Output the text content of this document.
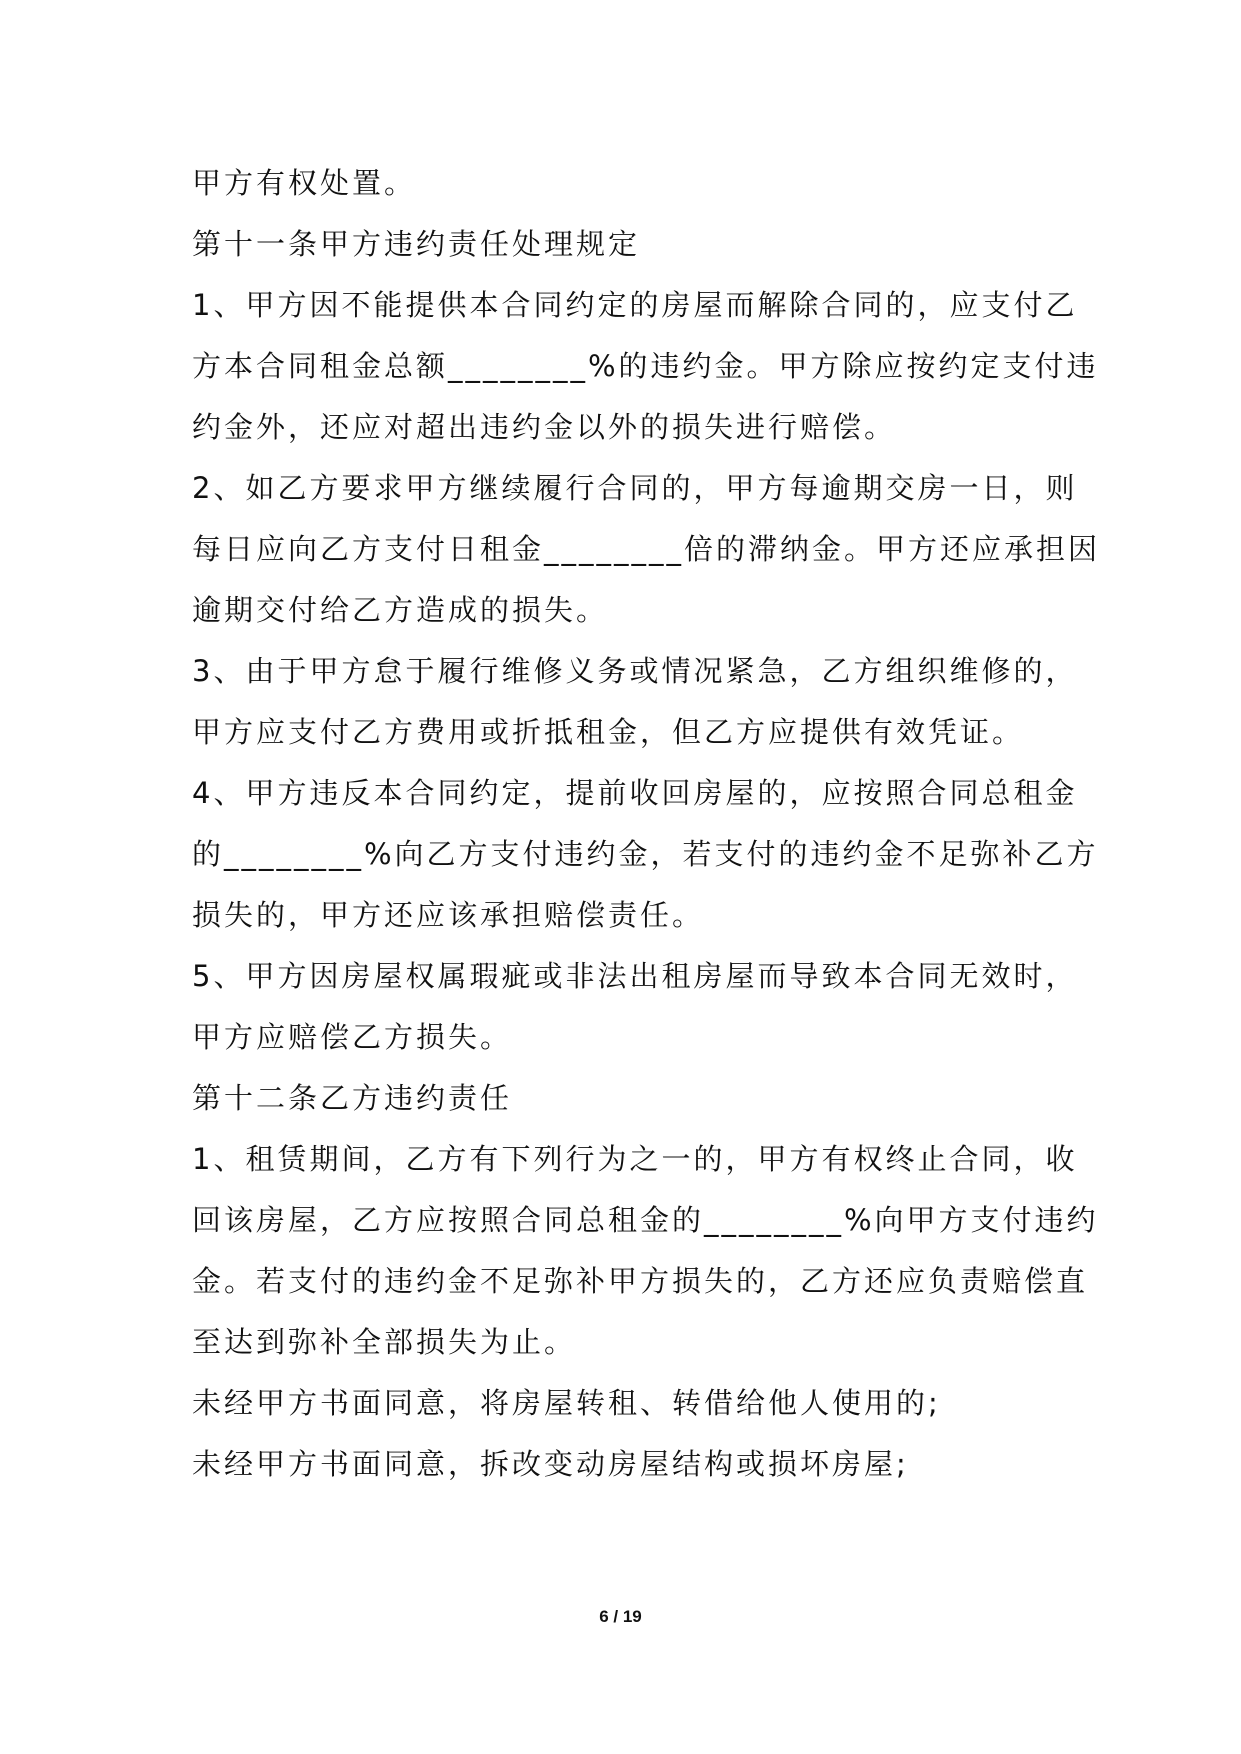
甲方有权处置。
第十一条甲方违约责任处理规定
1、甲方因不能提供本合同约定的房屋而解除合同的，应支付乙
方本合同租金总额________%的违约金。甲方除应按约定支付违
约金外，还应对超出违约金以外的损失进行赔偿。
2、如乙方要求甲方继续履行合同的，甲方每逾期交房一日，则
每日应向乙方支付日租金________倍的滞纳金。甲方还应承担因
逾期交付给乙方造成的损失。
3、由于甲方怠于履行维修义务或情况紧急，乙方组织维修的，
甲方应支付乙方费用或折抵租金，但乙方应提供有效凭证。
4、甲方违反本合同约定，提前收回房屋的，应按照合同总租金
的________%向乙方支付违约金，若支付的违约金不足弥补乙方
损失的，甲方还应该承担赔偿责任。
5、甲方因房屋权属瑕疵或非法出租房屋而导致本合同无效时，
甲方应赔偿乙方损失。
第十二条乙方违约责任
1、租赁期间，乙方有下列行为之一的，甲方有权终止合同，收
回该房屋，乙方应按照合同总租金的________%向甲方支付违约
金。若支付的违约金不足弥补甲方损失的，乙方还应负责赔偿直
至达到弥补全部损失为止。
未经甲方书面同意，将房屋转租、转借给他人使用的;
未经甲方书面同意，拆改变动房屋结构或损坏房屋;
6 / 19
